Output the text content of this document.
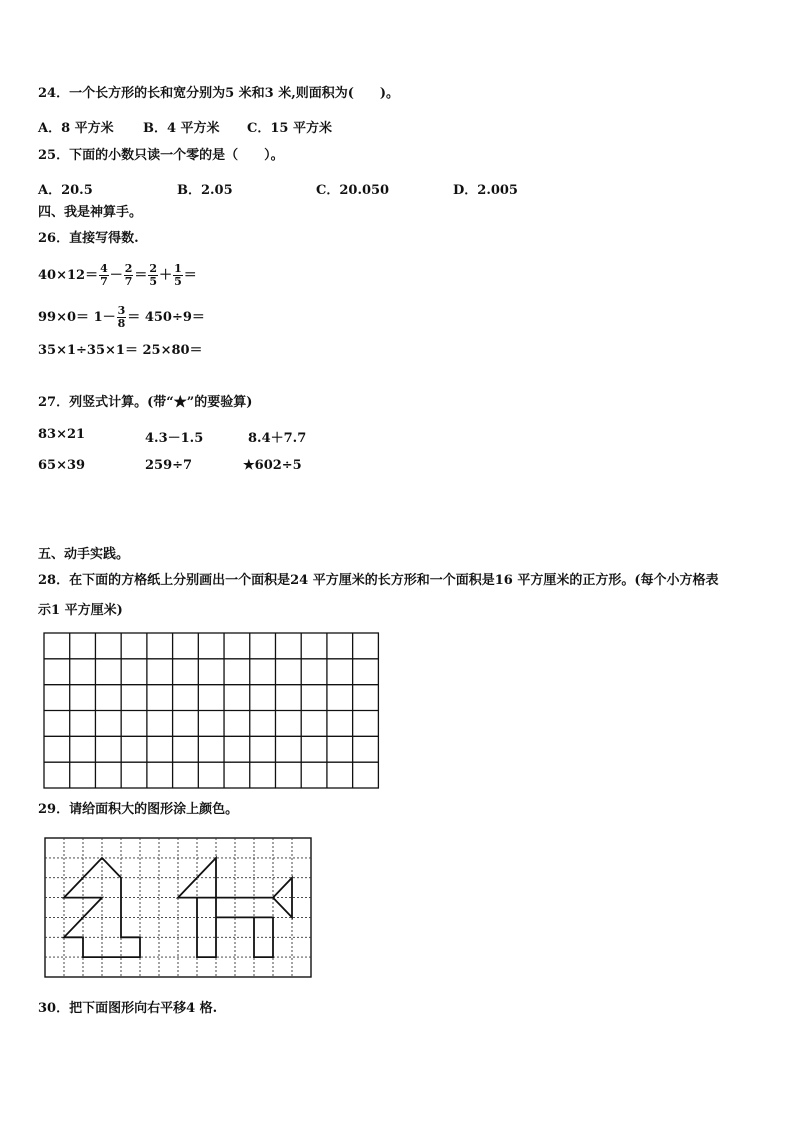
24．一个长方形的长和宽分别为5 米和3 米,则面积为(　　)。
A．8 平方米 B．4 平方米 C．15 平方米
25．下面的小数只读一个零的是（　　）。
A．20.5	B．2.05	C．20.050	D．2.005
四、我是神算手。
26．直接写得数.
$40\times 12= \frac{4}{7} - \frac{2}{7} = \frac{2}{5} + \frac{1}{5}$ ＝
$99\times 0= 1- \frac{3}{8} = 450\div 9=$
35×1÷35×1＝ 25×80＝
27．列竖式计算。(带“★”的要验算)
83×21	4.3－1.5	8.4＋7.7
65×39	259÷7	★602÷5
五、动手实践。
28．在下面的方格纸上分别画出一个面积是24 平方厘米的长方形和一个面积是16 平方厘米的正方形。(每个小方格表
示1 平方厘米)
29．请给面积大的图形涂上颜色。
30．把下面图形向右平移4 格.
